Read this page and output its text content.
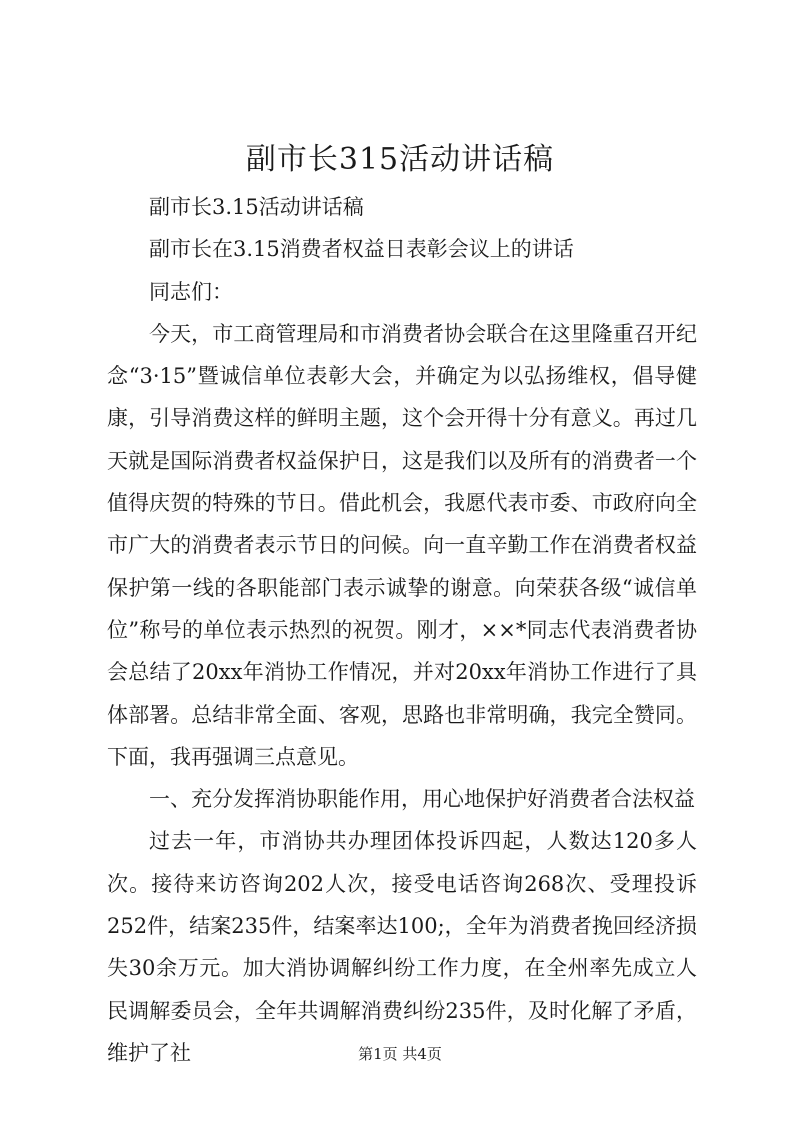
副市长315活动讲话稿

副市长3.15活动讲话稿

副市长在3.15消费者权益日表彰会议上的讲话

同志们：

今天，市工商管理局和市消费者协会联合在这里隆重召开纪念“3·15”暨诚信单位表彰大会，并确定为以弘扬维权，倡导健康，引导消费这样的鲜明主题，这个会开得十分有意义。再过几天就是国际消费者权益保护日，这是我们以及所有的消费者一个值得庆贺的特殊的节日。借此机会，我愿代表市委、市政府向全市广大的消费者表示节日的问候。向一直辛勤工作在消费者权益保护第一线的各职能部门表示诚挚的谢意。向荣获各级“诚信单位”称号的单位表示热烈的祝贺。刚才，××*同志代表消费者协会总结了20xx年消协工作情况，并对20xx年消协工作进行了具体部署。总结非常全面、客观，思路也非常明确，我完全赞同。下面，我再强调三点意见。

一、充分发挥消协职能作用，用心地保护好消费者合法权益

过去一年，市消协共办理团体投诉四起，人数达120多人次。接待来访咨询202人次，接受电话咨询268次、受理投诉252件，结案235件，结案率达100;，全年为消费者挽回经济损失30余万元。加大消协调解纠纷工作力度，在全州率先成立人民调解委员会，全年共调解消费纠纷235件，及时化解了矛盾，维护了社	第1页 共4页
